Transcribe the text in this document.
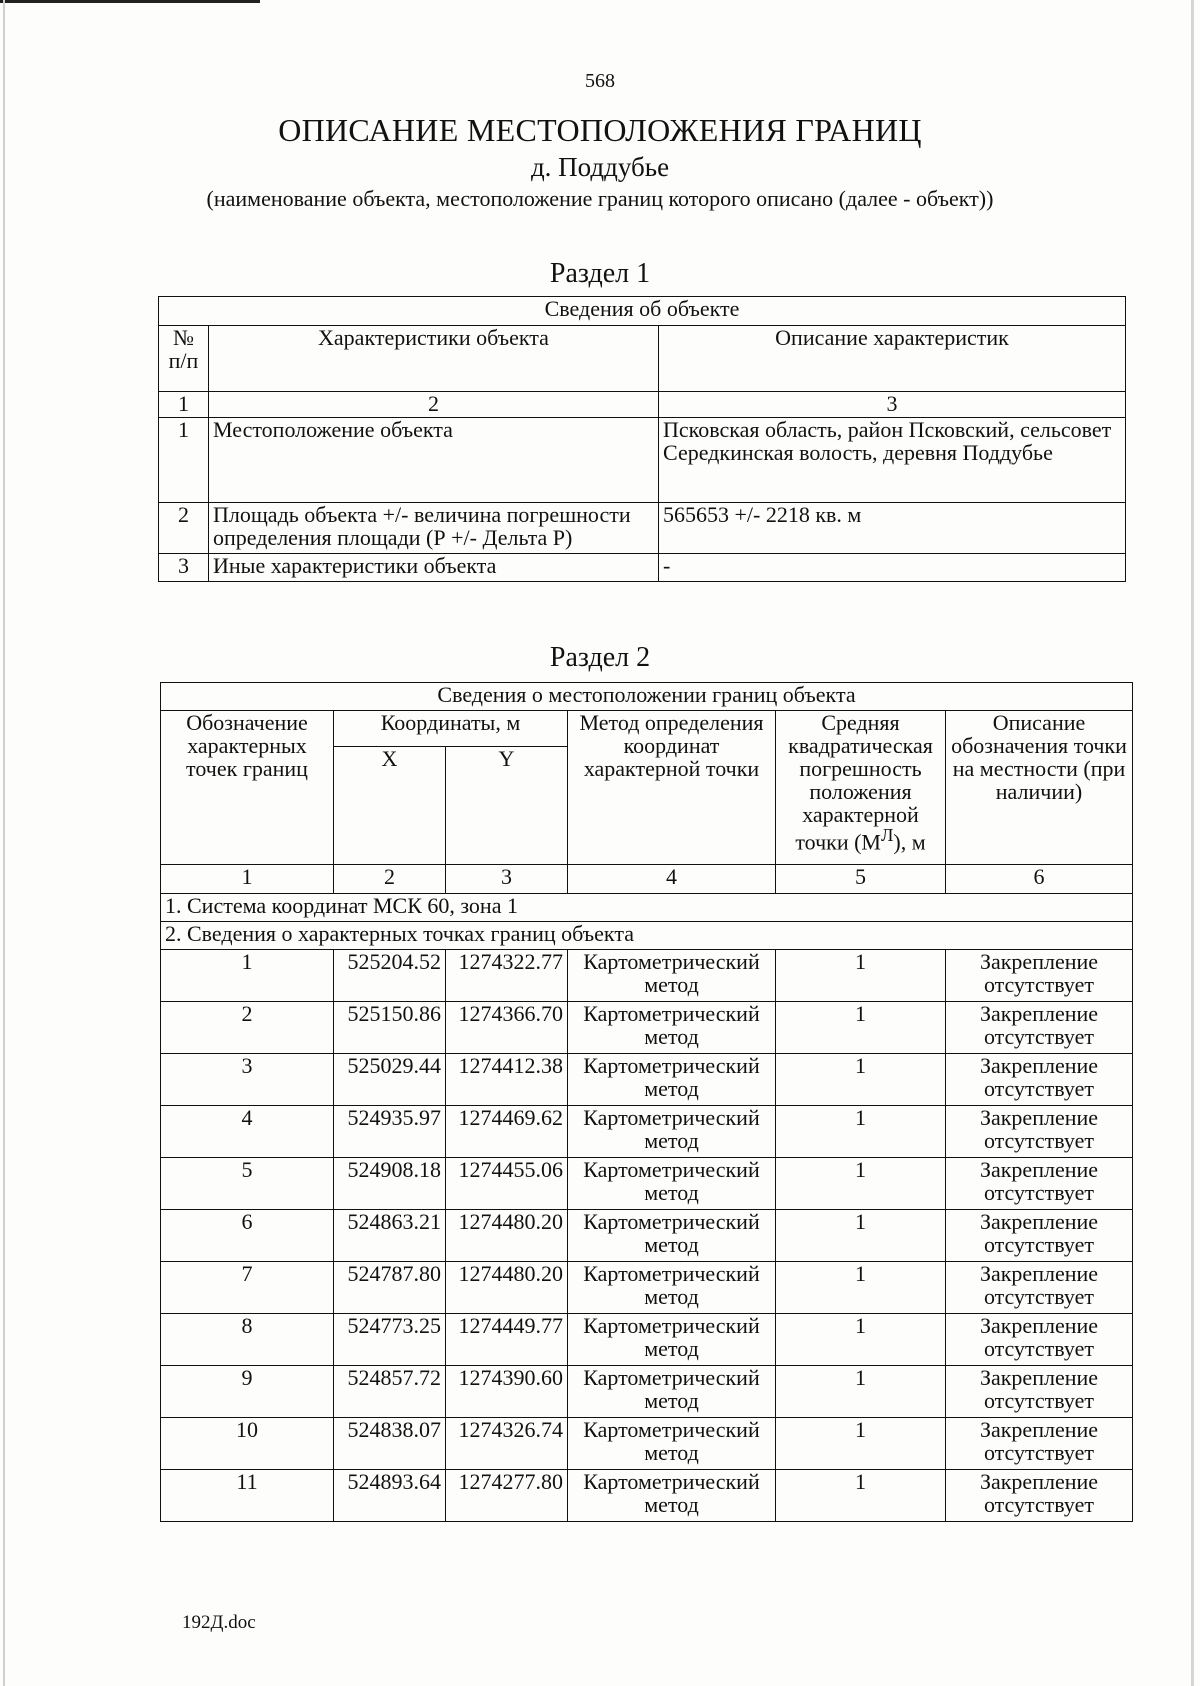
568
ОПИСАНИЕ МЕСТОПОЛОЖЕНИЯ ГРАНИЦ
д. Поддубье
(наименование объекта, местоположение границ которого описано (далее - объект))
Раздел 1
Сведения об объекте		
№ п/п	Характеристики объекта	Описание характеристик
1	2	3
1	Местоположение объекта	Псковская область, район Псковский, сельсовет Середкинская волость, деревня Поддубье
2	Площадь объекта +/- величина погрешности определения площади (Р +/- Дельта Р)	565653 +/- 2218 кв. м
3	Иные характеристики объекта	-
Раздел 2
Сведения о местоположении границ объекта					
Обозначение характерных точек границ	Координаты, м		Метод определения координат характерной точки	Средняя квадратическая погрешность положения характерной точки $(М^Л)$, м	Описание обозначения точки на местности (при наличии)
	X	Y			
1	2	3	4	5	6
1. Система координат МСК 60, зона 1					
2. Сведения о характерных точках границ объекта					
1	525204.52	1274322.77	Картометрический метод	1	Закрепление отсутствует
2	525150.86	1274366.70	Картометрический метод	1	Закрепление отсутствует
3	525029.44	1274412.38	Картометрический метод	1	Закрепление отсутствует
4	524935.97	1274469.62	Картометрический метод	1	Закрепление отсутствует
5	524908.18	1274455.06	Картометрический метод	1	Закрепление отсутствует
6	524863.21	1274480.20	Картометрический метод	1	Закрепление отсутствует
7	524787.80	1274480.20	Картометрический метод	1	Закрепление отсутствует
8	524773.25	1274449.77	Картометрический метод	1	Закрепление отсутствует
9	524857.72	1274390.60	Картометрический метод	1	Закрепление отсутствует
10	524838.07	1274326.74	Картометрический метод	1	Закрепление отсутствует
11	524893.64	1274277.80	Картометрический метод	1	Закрепление отсутствует
192Д.doc
